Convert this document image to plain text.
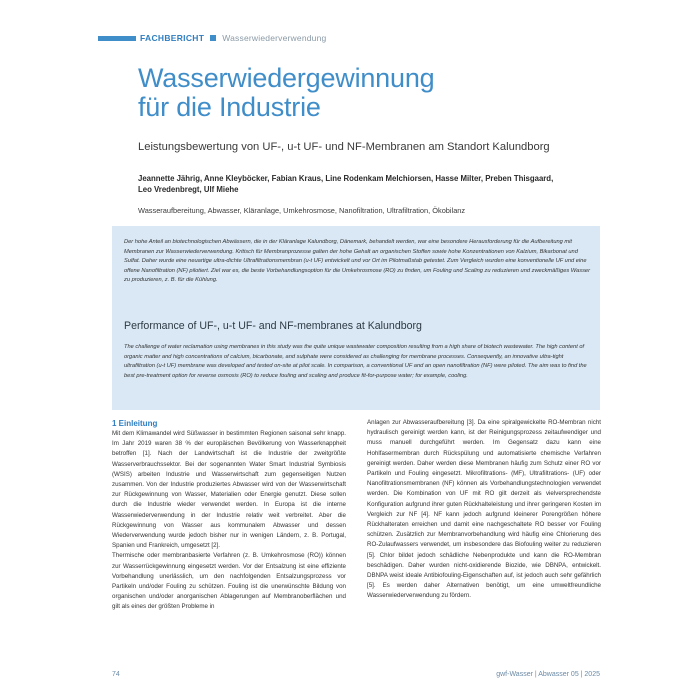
FACHBERICHT Wasserwiederverwendung
Wasserwiedergewinnung
für die Industrie
Leistungsbewertung von UF-, u-t UF- und NF-Membranen am Standort Kalundborg

Jeannette Jährig, Anne Kleyböcker, Fabian Kraus, Line Rodenkam Melchiorsen, Hasse Milter, Preben Thisgaard,
Leo Vredenbregt, Ulf Miehe

Wasseraufbereitung, Abwasser, Kläranlage, Umkehrosmose, Nanofiltration, Ultrafiltration, Ökobilanz

Der hohe Anteil an biotechnologischen Abwässern, die in der Kläranlage Kalundborg, Dänemark, behandelt werden, war eine besondere Herausforderung für die Aufbereitung mit Membranen zur Wasserwiederverwendung. Kritisch für Membranprozesse galten der hohe Gehalt an organischen Stoffen sowie hohe Konzentrationen von Kalzium, Bikarbonat und Sulfat. Daher wurde eine neuartige ultra-dichte Ultrafiltrationsmembran (u-t UF) entwickelt und vor Ort im Pilotmaßstab getestet. Zum Vergleich wurden eine konventionelle UF und eine offene Nanofiltration (NF) pilotiert. Ziel war es, die beste Vorbehandlungsoption für die Umkehrosmose (RO) zu finden, um Fouling und Scaling zu reduzieren und zweckmäßiges Wasser zu produzieren, z. B. für die Kühlung.

Performance of UF-, u-t UF- and NF-membranes at Kalundborg

The challenge of water reclamation using membranes in this study was the quite unique wastewater composition resulting from a high share of biotech wastewater. The high content of organic matter and high concentrations of calcium, bicarbonate, and sulphate were considered as challenging for membrane processes. Consequently, an innovative ultra-tight ultrafiltration (u-t UF) membrane was developed and tested on-site at pilot scale. In comparison, a conventional UF and an open nanofiltration (NF) were piloted. The aim was to find the best pre-treatment option for reverse osmosis (RO) to reduce fouling and scaling and produce fit-for-purpose water; for example, cooling.

1 Einleitung

Mit dem Klimawandel wird Süßwasser in bestimmten Regionen saisonal sehr knapp. Im Jahr 2019 waren 38 % der europäischen Bevölkerung von Wasserknappheit betroffen [1]. Nach der Landwirtschaft ist die Industrie der zweitgrößte Wasserverbrauchssektor. Bei der sogenannten Water Smart Industrial Symbiosis (WSIS) arbeiten Industrie und Wasserwirtschaft zum gegenseitigen Nutzen zusammen. Von der Industrie produziertes Abwasser wird von der Wasserwirtschaft zur Rückgewinnung von Wasser, Materialien oder Energie genutzt. Diese sollen durch die Industrie wieder verwendet werden. In Europa ist die interne Wasserwiederverwendung in der Industrie relativ weit verbreitet. Aber die Rückgewinnung von Wasser aus kommunalem Abwasser und dessen Wiederverwendung wurde jedoch bisher nur in wenigen Ländern, z. B. Portugal, Spanien und Frankreich, umgesetzt [2].

Thermische oder membranbasierte Verfahren (z. B. Umkehrosmose (RO)) können zur Wasserrückgewinnung eingesetzt werden. Vor der Entsalzung ist eine effiziente Vorbehandlung unerlässlich, um den nachfolgenden Entsalzungsprozess vor Partikeln und/oder Fouling zu schützen. Fouling ist die unerwünschte Bildung von organischen und/oder anorganischen Ablagerungen auf Membranoberflächen und gilt als eines der größten Probleme in

Anlagen zur Abwasseraufbereitung [3]. Da eine spiralgewickelte RO-Membran nicht hydraulisch gereinigt werden kann, ist der Reinigungsprozess zeitaufwendiger und muss manuell durchgeführt werden. Im Gegensatz dazu kann eine Hohlfasermembran durch Rückspülung und automatisierte chemische Verfahren gereinigt werden. Daher werden diese Membranen häufig zum Schutz einer RO vor Partikeln und Fouling eingesetzt. Mikrofiltrations- (MF), Ultrafiltrations- (UF) oder Nanofiltrationsmembranen (NF) können als Vorbehandlungstechnologien verwendet werden. Die Kombination von UF mit RO gilt derzeit als vielversprechendste Konfiguration aufgrund ihrer guten Rückhalteleistung und ihrer geringeren Kosten im Vergleich zur NF [4]. NF kann jedoch aufgrund kleinerer Porengrößen höhere Rückhalteraten erreichen und damit eine nachgeschaltete RO besser vor Fouling schützen. Zusätzlich zur Membranvorbehandlung wird häufig eine Chlorierung des RO-Zulaufwassers verwendet, um insbesondere das Biofouling weiter zu reduzieren [5]. Chlor bildet jedoch schädliche Nebenprodukte und kann die RO-Membran beschädigen. Daher wurden nicht-oxidierende Biozide, wie DBNPA, entwickelt. DBNPA weist ideale Antibiofouling-Eigenschaften auf, ist jedoch auch sehr gefährlich [5]. Es werden daher Alternativen benötigt, um eine umweltfreundliche Wasserwiederverwendung zu fördern.

74	gwf-Wasser | Abwasser 05 | 2025
